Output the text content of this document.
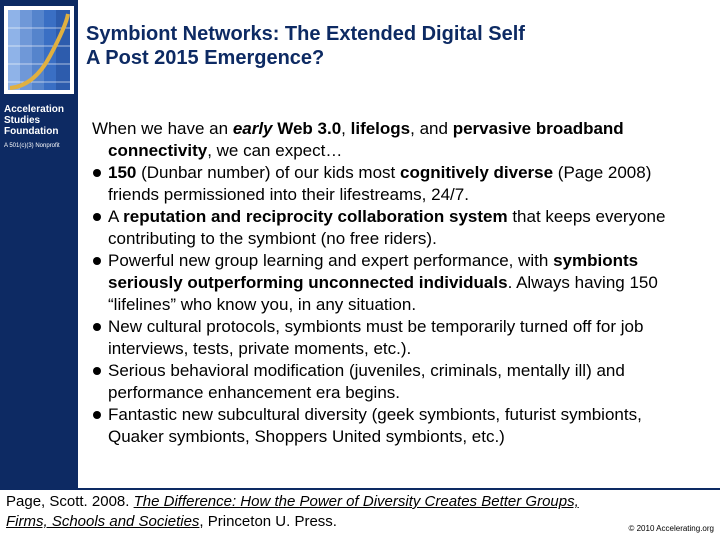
Acceleration
Studies
Foundation
A 501(c)(3) Nonprofit
Symbiont Networks: The Extended Digital Self
A Post 2015 Emergence?

When we have an early Web 3.0, lifelogs, and pervasive broadband connectivity, we can expect…

150 (Dunbar number) of our kids most cognitively diverse (Page 2008) friends permissioned into their lifestreams, 24/7.
A reputation and reciprocity collaboration system that keeps everyone contributing to the symbiont (no free riders).
Powerful new group learning and expert performance, with symbionts seriously outperforming unconnected individuals. Always having 150 “lifelines” who know you, in any situation.
New cultural protocols, symbionts must be temporarily turned off for job interviews, tests, private moments, etc.).
Serious behavioral modification (juveniles, criminals, mentally ill) and performance enhancement era begins.
Fantastic new subcultural diversity (geek symbionts, futurist symbionts, Quaker symbionts, Shoppers United symbionts, etc.)
Page, Scott. 2008. The Difference: How the Power of Diversity Creates Better Groups, Firms, Schools and Societies, Princeton U. Press.	© 2010 Accelerating.org
